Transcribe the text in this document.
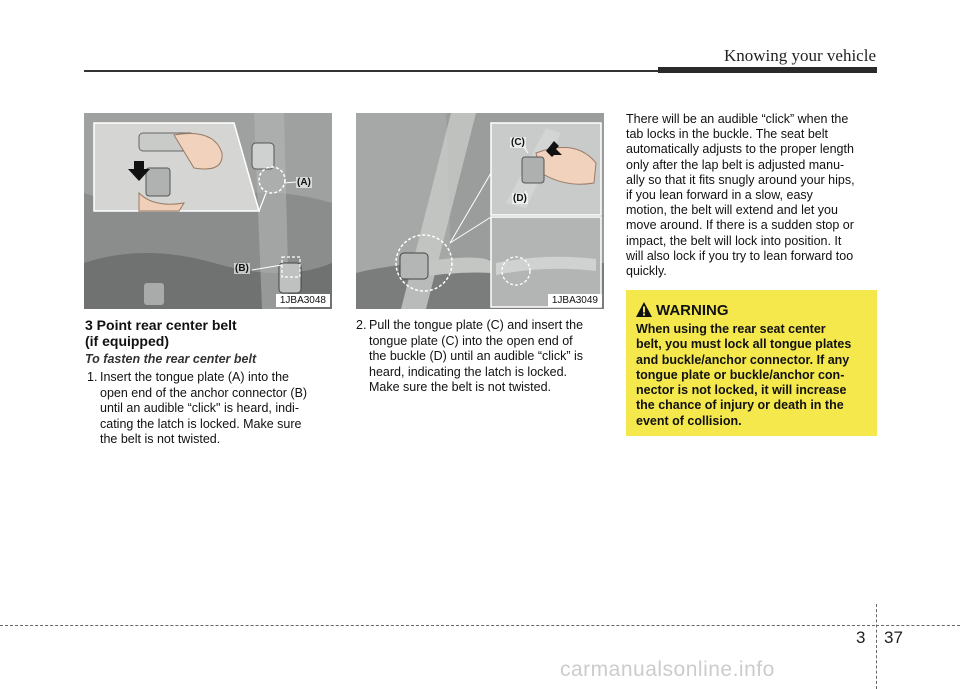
Knowing your vehicle
(A)
(B)
1JBA3048
(C)
(D)
1JBA3049
3 Point rear center belt
(if equipped)
To fasten the rear center belt
1. Insert the tongue plate (A) into the
open end of the anchor connector (B)
until an audible “click" is heard, indi-
cating the latch is locked. Make sure
the belt is not twisted.
2. Pull the tongue plate (C) and insert the
tongue plate (C) into the open end of
the buckle (D) until an audible “click” is
heard, indicating the latch is locked.
Make sure the belt is not twisted.
There will be an audible “click” when the
tab locks in the buckle. The seat belt
automatically adjusts to the proper length
only after the lap belt is adjusted manu-
ally so that it fits snugly around your hips,
if you lean forward in a slow, easy
motion, the belt will extend and let you
move around. If there is a sudden stop or
impact, the belt will lock into position. It
will also lock if you try to lean forward too
quickly.
WARNING
When using the rear seat center
belt, you must lock all tongue plates
and buckle/anchor connector. If any
tongue plate or buckle/anchor con-
nector is not locked, it will increase
the chance of injury or death in the
event of collision.
3 37
carmanualsonline.info
